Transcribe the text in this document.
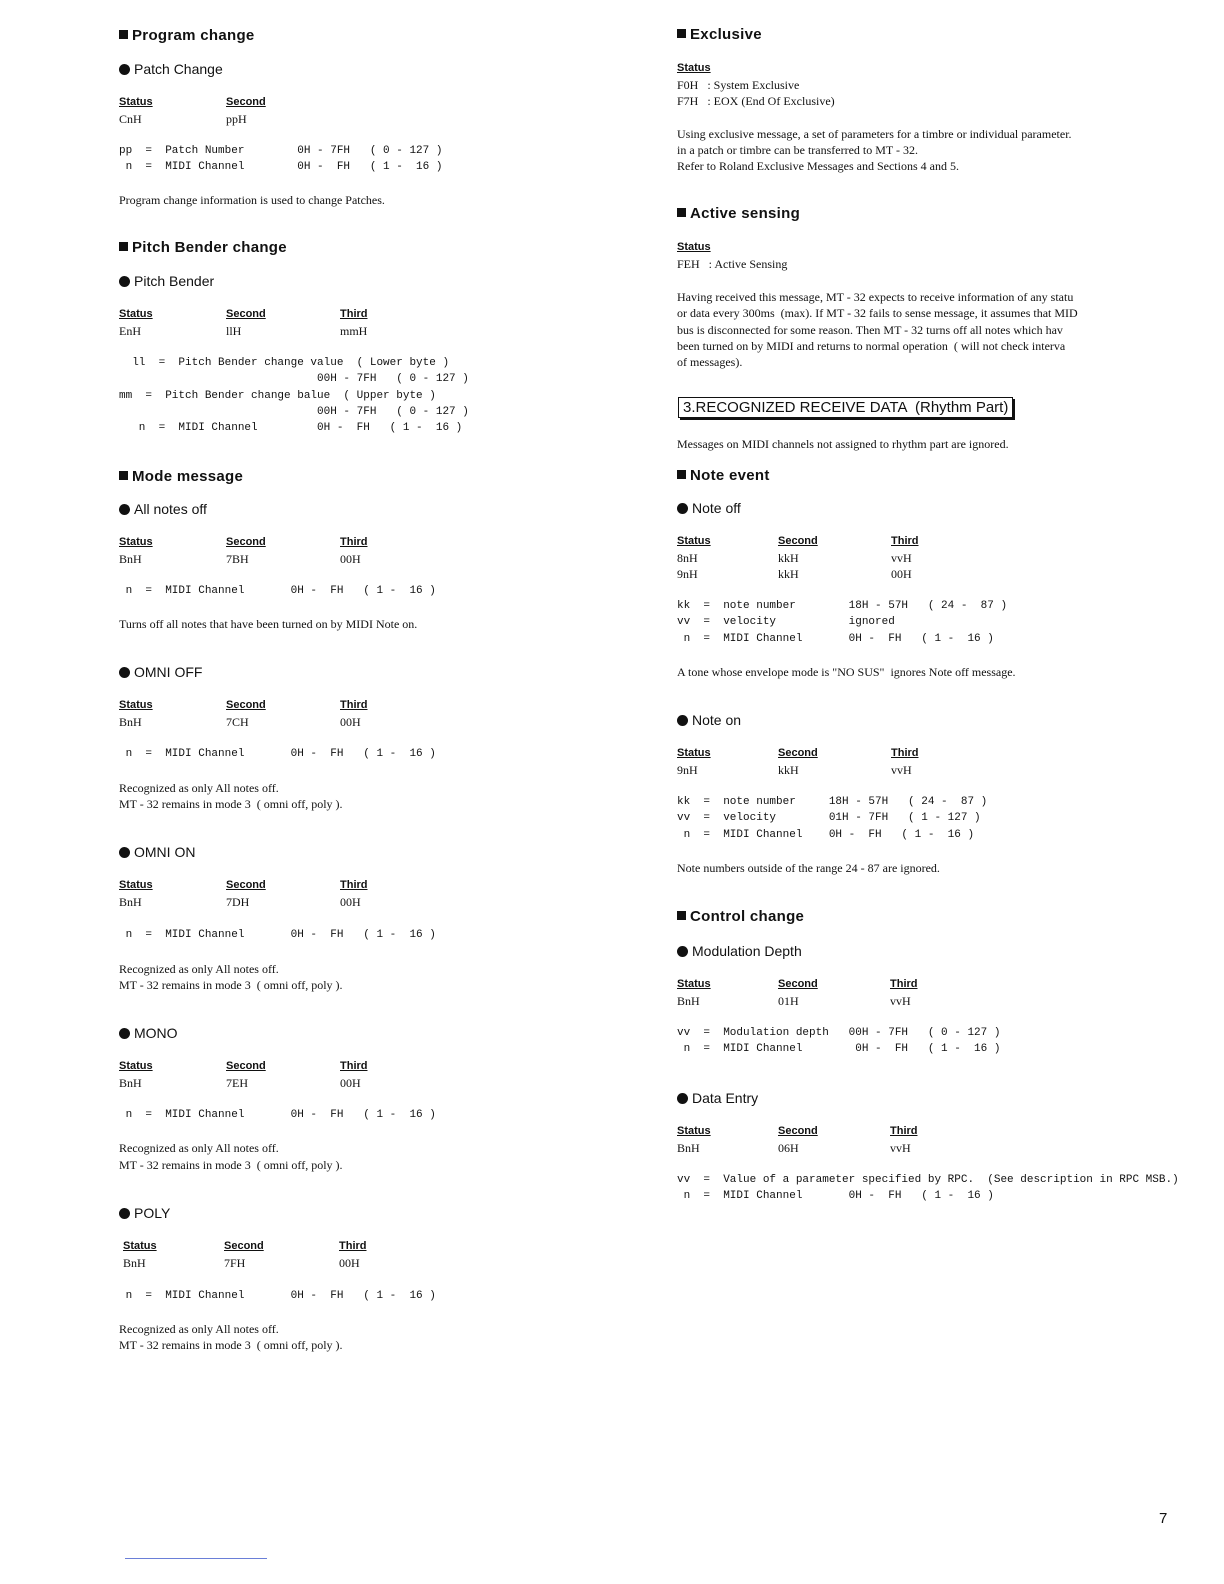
Program change
Patch Change
Status	Second
CnH	ppH
pp  =  Patch Number        0H - 7FH   ( 0 - 127 )
n  =  MIDI Channel        0H -  FH   ( 1 -  16 )
Program change information is used to change Patches.
Pitch Bender change
Pitch Bender
Status	Second	Third
EnH	llH	mmH
ll  =  Pitch Bender change value  ( Lower byte )
00H - 7FH   ( 0 - 127 )
mm  =  Pitch Bender change balue  ( Upper byte )
00H - 7FH   ( 0 - 127 )
n  =  MIDI Channel         0H -  FH   ( 1 -  16 )
Mode message
All notes off
Status	Second	Third
BnH	7BH	00H
n  =  MIDI Channel       0H -  FH   ( 1 -  16 )
Turns off all notes that have been turned on by MIDI Note on.
OMNI OFF
Status	Second	Third
BnH	7CH	00H
n  =  MIDI Channel       0H -  FH   ( 1 -  16 )
Recognized as only All notes off.
MT - 32 remains in mode 3  ( omni off, poly ).
OMNI ON
Status	Second	Third
BnH	7DH	00H
n  =  MIDI Channel       0H -  FH   ( 1 -  16 )
Recognized as only All notes off.
MT - 32 remains in mode 3  ( omni off, poly ).
MONO
Status	Second	Third
BnH	7EH	00H
n  =  MIDI Channel       0H -  FH   ( 1 -  16 )
Recognized as only All notes off.
MT - 32 remains in mode 3  ( omni off, poly ).
POLY
Status	Second	Third
BnH	7FH	00H
n  =  MIDI Channel       0H -  FH   ( 1 -  16 )
Recognized as only All notes off.
MT - 32 remains in mode 3  ( omni off, poly ).
Exclusive
Status
F0H   : System Exclusive
F7H   : EOX (End Of Exclusive)
Using exclusive message, a set of parameters for a timbre or individual parameter.
in a patch or timbre can be transferred to MT - 32.
Refer to Roland Exclusive Messages and Sections 4 and 5.
Active sensing
Status
FEH   : Active Sensing
Having received this message, MT - 32 expects to receive information of any statu
or data every 300ms  (max). If MT - 32 fails to sense message, it assumes that MID
bus is disconnected for some reason. Then MT - 32 turns off all notes which hav
been turned on by MIDI and returns to normal operation  ( will not check interva
of messages).
3.RECOGNIZED RECEIVE DATA  (Rhythm Part)
Messages on MIDI channels not assigned to rhythm part are ignored.
Note event
Note off
Status	Second	Third
8nH	kkH	vvH
9nH	kkH	00H
kk  =  note number        18H - 57H   ( 24 -  87 )
vv  =  velocity           ignored
n  =  MIDI Channel       0H -  FH   ( 1 -  16 )
A tone whose envelope mode is "NO SUS"  ignores Note off message.
Note on
Status	Second	Third
9nH	kkH	vvH
kk  =  note number     18H - 57H   ( 24 -  87 )
vv  =  velocity        01H - 7FH   ( 1 - 127 )
n  =  MIDI Channel    0H -  FH   ( 1 -  16 )
Note numbers outside of the range 24 - 87 are ignored.
Control change
Modulation Depth
Status	Second	Third
BnH	01H	vvH
vv  =  Modulation depth   00H - 7FH   ( 0 - 127 )
n  =  MIDI Channel        0H -  FH   ( 1 -  16 )
Data Entry
Status	Second	Third
BnH	06H	vvH
vv  =  Value of a parameter specified by RPC.  (See description in RPC MSB.)
n  =  MIDI Channel       0H -  FH   ( 1 -  16 )
7
